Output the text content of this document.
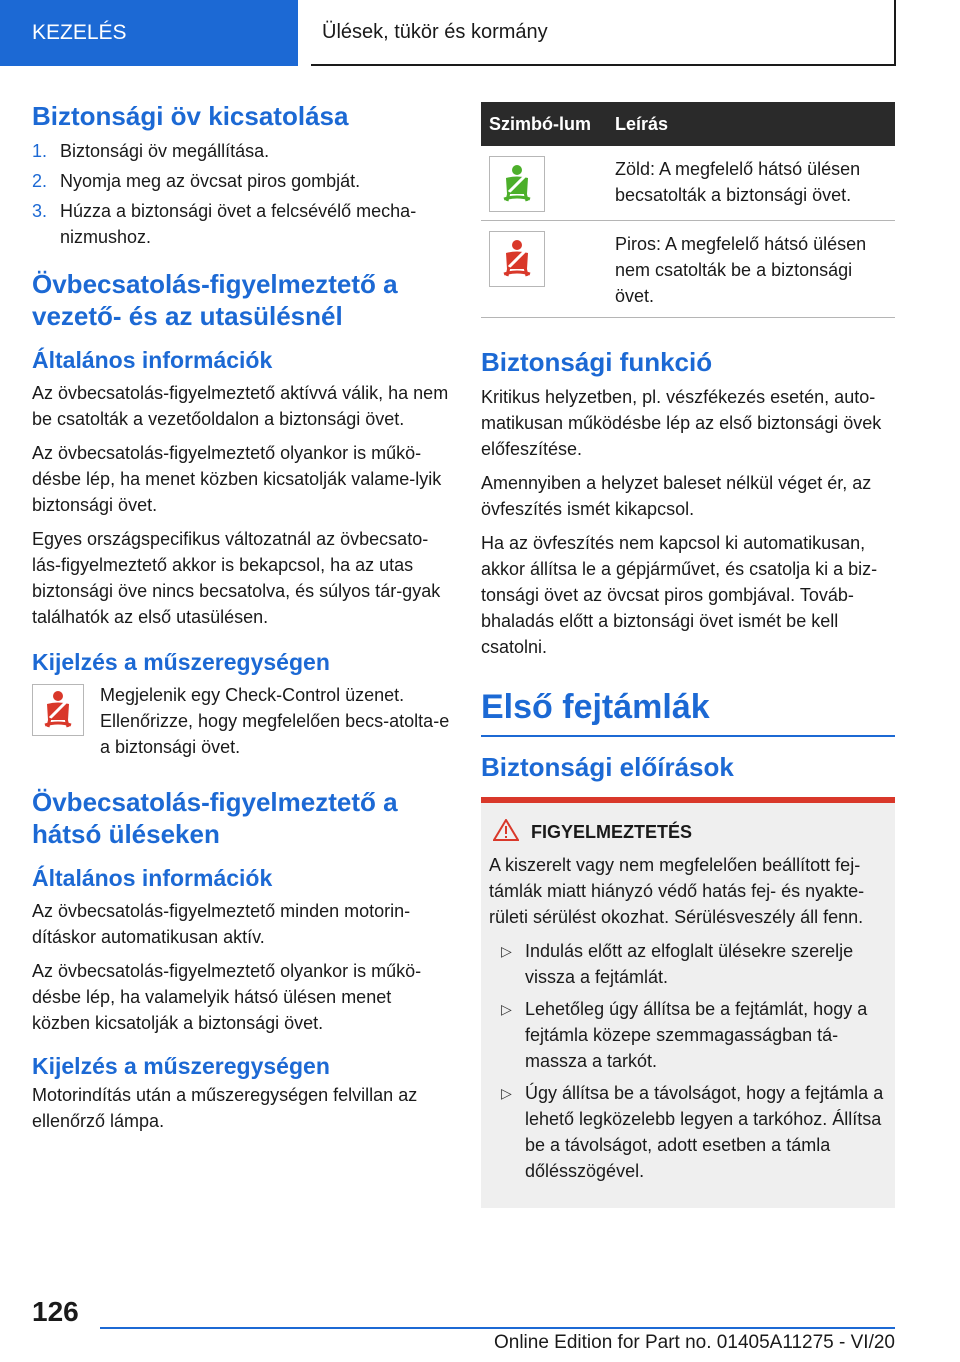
KEZELÉS	Ülések, tükör és kormány
Biztonsági öv kicsatolása
1. Biztonsági öv megállítása.
2. Nyomja meg az övcsat piros gombját.
3. Húzza a biztonsági övet a felcsévélő mecha-nizmushoz.
Övbecsatolás-figyelmeztető a vezető- és az utasülésnél
Általános információk

Az övbecsatolás-figyelmeztető aktívvá válik, ha nem be csatolták a vezetőoldalon a biztonsági övet.

Az övbecsatolás-figyelmeztető olyankor is műkö-désbe lép, ha menet közben kicsatolják valame-lyik biztonsági övet.

Egyes országspecifikus változatnál az övbecsato-lás-figyelmeztető akkor is bekapcsol, ha az utas biztonsági öve nincs becsatolva, és súlyos tár-gyak találhatók az első utasülésen.

Kijelzés a műszeregységen

Megjelenik egy Check-Control üzenet. Ellenőrizze, hogy megfelelően becs-atolta-e a biztonsági övet.

Övbecsatolás-figyelmeztető a hátsó üléseken
Általános információk

Az övbecsatolás-figyelmeztető minden motorin-dításkor automatikusan aktív.

Az övbecsatolás-figyelmeztető olyankor is műkö-désbe lép, ha valamelyik hátsó ülésen menet közben kicsatolják a biztonsági övet.

Kijelzés a műszeregységen

Motorindítás után a műszeregységen felvillan az ellenőrző lámpa.

Szimbó-lum	Leírás

	Zöld: A megfelelő hátsó ülésen becsatolták a biztonsági övet.

	Piros: A megfelelő hátsó ülésen nem csatolták be a biztonsági övet.
Biztonsági funkció

Kritikus helyzetben, pl. vészfékezés esetén, auto-matikusan működésbe lép az első biztonsági övek előfeszítése.

Amennyiben a helyzet baleset nélkül véget ér, az övfeszítés ismét kikapcsol.

Ha az övfeszítés nem kapcsol ki automatikusan, akkor állítsa le a gépjárművet, és csatolja ki a biz-tonsági övet az övcsat piros gombjával. Továb-bhaladás előtt a biztonsági övet ismét be kell csatolni.

Első fejtámlák
Biztonsági előírások
FIGYELMEZTETÉS

A kiszerelt vagy nem megfelelően beállított fej-támlák miatt hiányzó védő hatás fej- és nyakte-rületi sérülést okozhat. Sérülésveszély áll fenn.

▷ Indulás előtt az elfoglalt ülésekre szerelje vissza a fejtámlát.
▷ Lehetőleg úgy állítsa be a fejtámlát, hogy a fejtámla közepe szemmagasságban tá-massza a tarkót.
▷ Úgy állítsa be a távolságot, hogy a fejtámla a lehető legközelebb legyen a tarkóhoz. Állítsa be a távolságot, adott esetben a támla dőlésszögével.
126
Online Edition for Part no. 01405A11275 - VI/20
